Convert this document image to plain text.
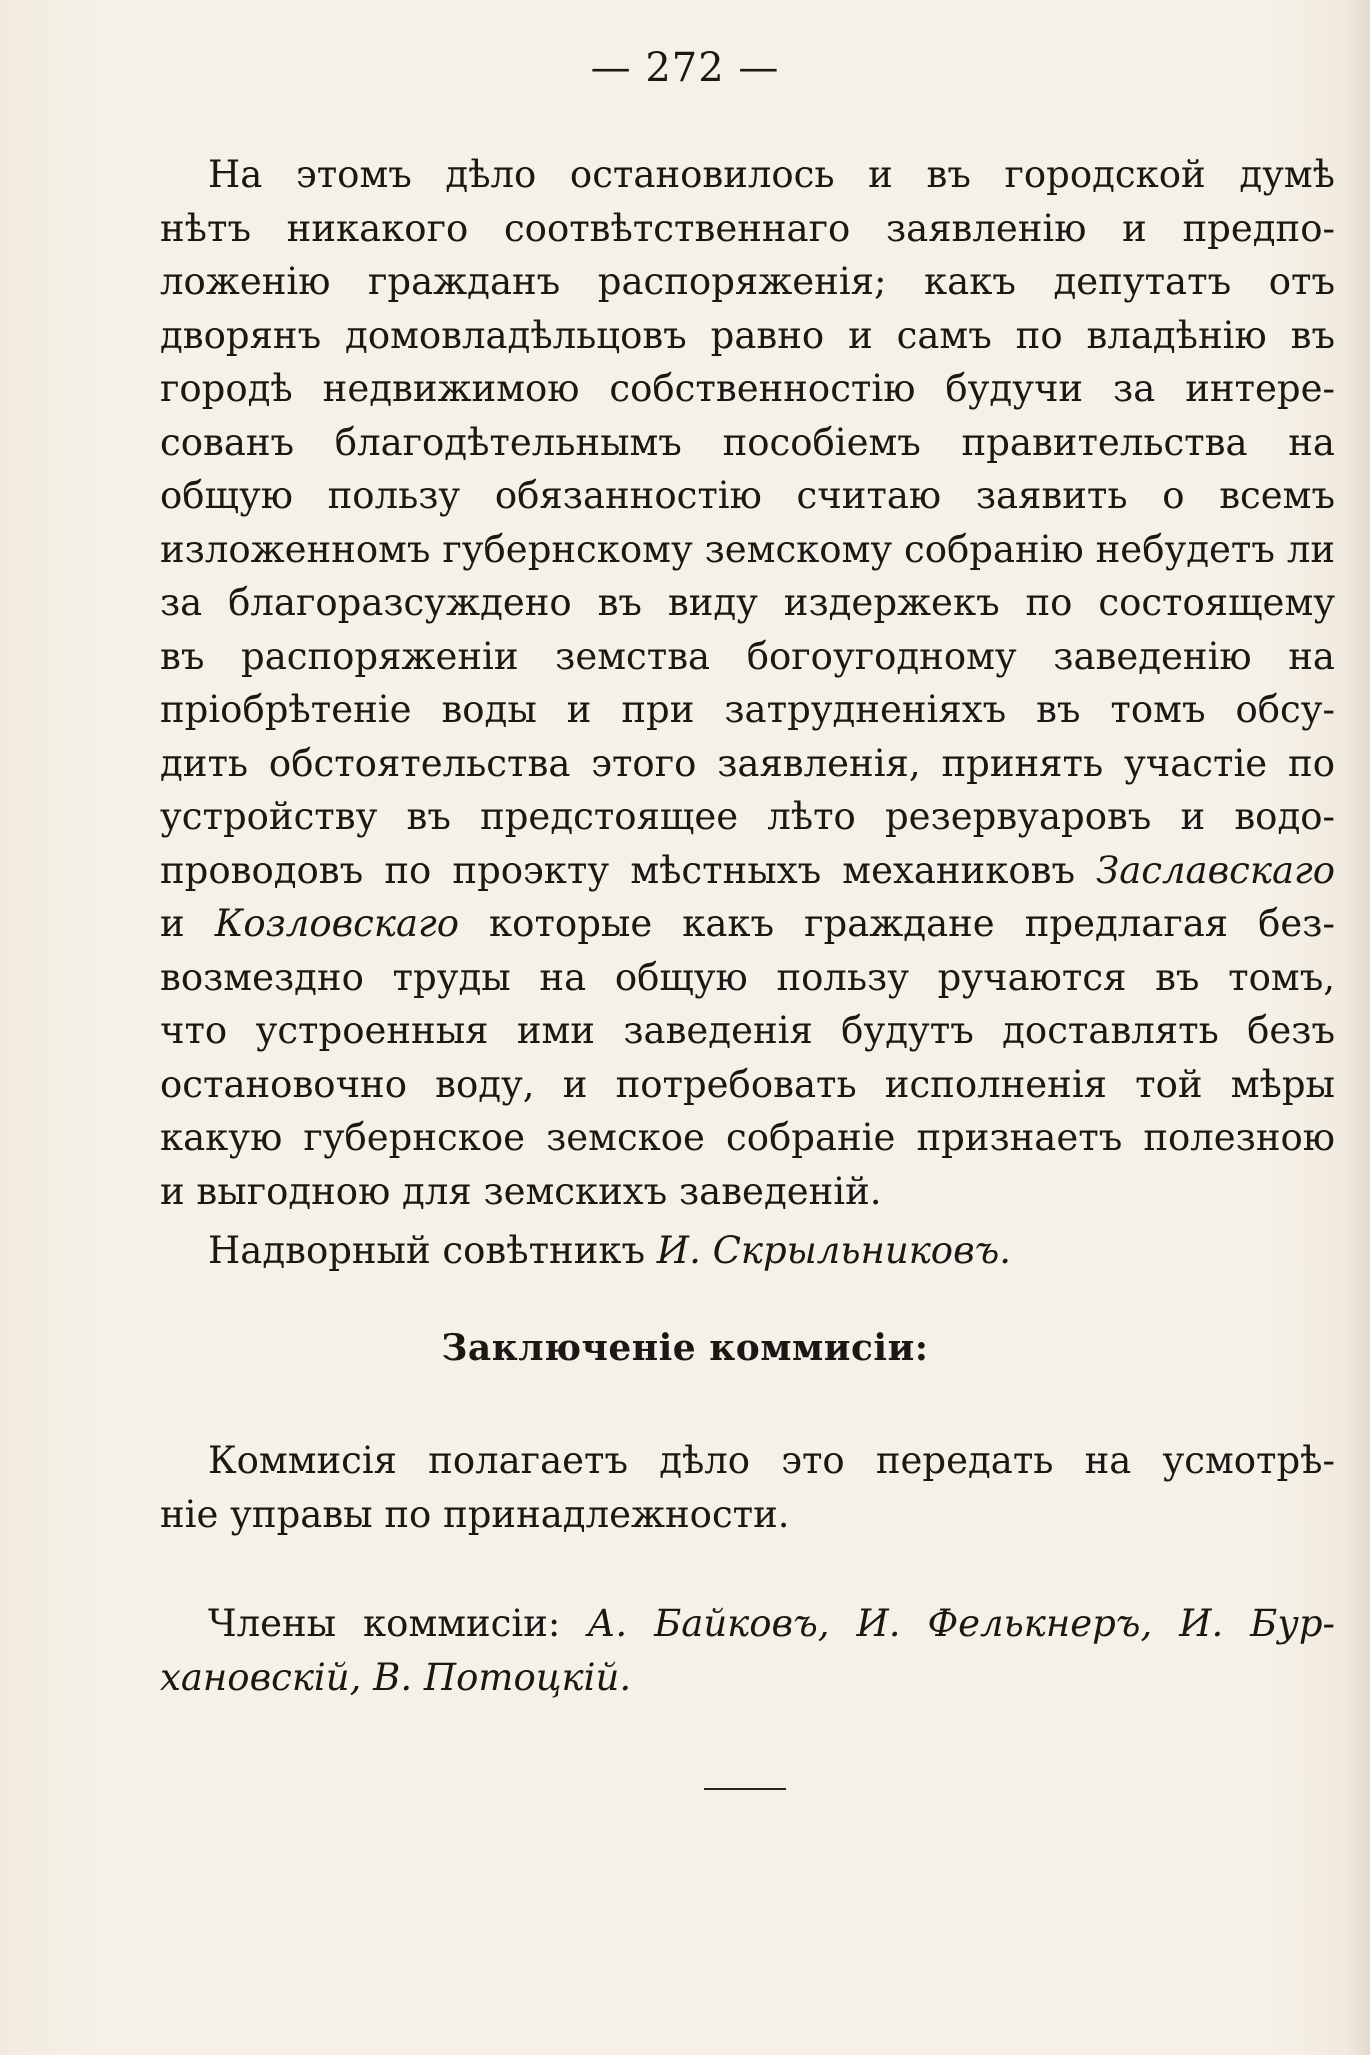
— 272 —
На этомъ дѣло остановилось и въ городской думѣ
нѣтъ никакого соотвѣтственнаго заявленію и предпо-
ложенію гражданъ распоряженія; какъ депутатъ отъ
дворянъ домовладѣльцовъ равно и самъ по владѣнію въ
городѣ недвижимою собственностію будучи за интере-
сованъ благодѣтельнымъ пособіемъ правительства на
общую пользу обязанностію считаю заявить о всемъ
изложенномъ губернскому земскому собранію небудетъ ли
за благоразсуждено въ виду издержекъ по состоящему
въ распоряженіи земства богоугодному заведенію на
пріобрѣтеніе воды и при затрудненіяхъ въ томъ обсу-
дить обстоятельства этого заявленія, принять участіе по
устройству въ предстоящее лѣто резервуаровъ и водо-
проводовъ по проэкту мѣстныхъ механиковъ Заславскаго
и Козловскаго которые какъ граждане предлагая без-
возмездно труды на общую пользу ручаются въ томъ,
что устроенныя ими заведенія будутъ доставлять безъ
остановочно воду, и потребовать исполненія той мѣры
какую губернское земское собраніе признаетъ полезною
и выгодною для земскихъ заведеній.
Надворный совѣтникъ И. Скрыльниковъ.
Заключеніе коммисіи:
Коммисія полагаетъ дѣло это передать на усмотрѣ-
ніе управы по принадлежности.
Члены коммисіи: А. Байковъ, И. Фелькнеръ, И. Бур-
хановскій, В. Потоцкій.
